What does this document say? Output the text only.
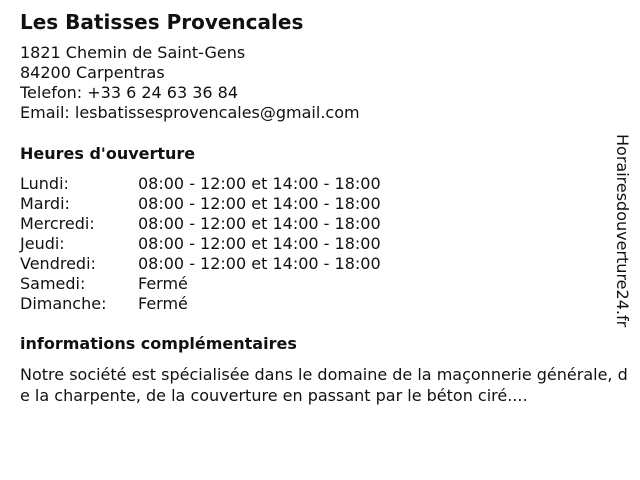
Les Batisses Provencales
1821 Chemin de Saint-Gens
84200 Carpentras
Telefon: +33 6 24 63 36 84
Email: lesbatissesprovencales@gmail.com
Heures d'ouverture
Lundi:	08:00 - 12:00 et 14:00 - 18:00
Mardi:	08:00 - 12:00 et 14:00 - 18:00
Mercredi:	08:00 - 12:00 et 14:00 - 18:00
Jeudi:	08:00 - 12:00 et 14:00 - 18:00
Vendredi:	08:00 - 12:00 et 14:00 - 18:00
Samedi:	Fermé
Dimanche:	Fermé
informations complémentaires
Notre société est spécialisée dans le domaine de la maçonnerie générale, de la charpente, de la couverture en passant par le béton ciré....
Horairesdouverture24.fr
